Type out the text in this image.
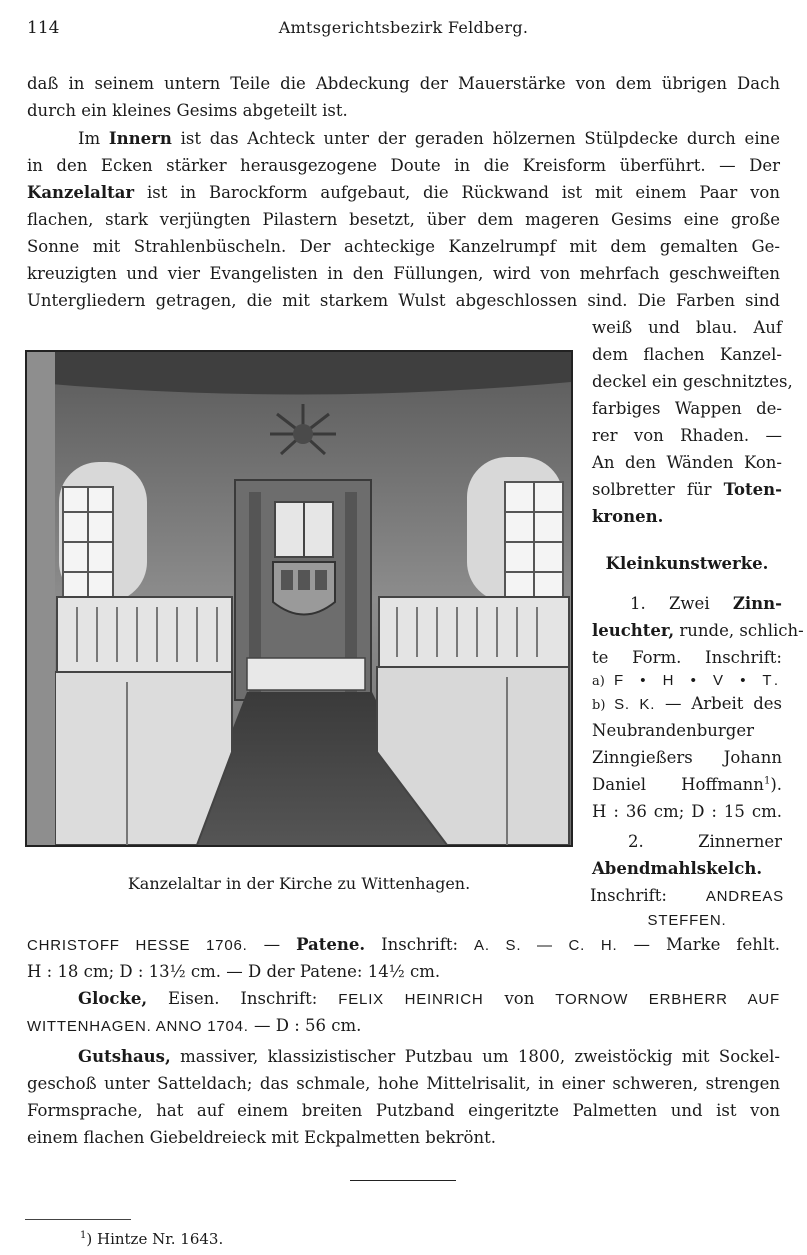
114	Amtsgerichtsbezirk Feldberg.
daß in seinem untern Teile die Abdeckung der Mauerstärke von dem übrigen Dach
durch ein kleines Gesims abgeteilt ist.
Im Innern ist das Achteck unter der geraden hölzernen Stülpdecke durch eine
in den Ecken stärker herausgezogene Doute in die Kreisform überführt. — Der
Kanzelaltar ist in Barockform aufgebaut, die Rückwand ist mit einem Paar von
flachen, stark verjüngten Pilastern besetzt, über dem mageren Gesims eine große
Sonne mit Strahlenbüscheln. Der achteckige Kanzelrumpf mit dem gemalten Ge-
kreuzigten und vier Evangelisten in den Füllungen, wird von mehrfach geschweiften
Untergliedern getragen, die mit starkem Wulst abgeschlossen sind. Die Farben sind
weiß und blau. Auf
dem flachen Kanzel-
deckel ein geschnitztes,
farbiges Wappen de-
rer von Rhaden. —
An den Wänden Kon-
solbretter für Toten-
kronen.
Kleinkunstwerke.
1. Zwei Zinn-
leuchter, runde, schlich-
te Form. Inschrift:
a) F • H • V • T.
b) S. K. — Arbeit des
Neubrandenburger
Zinngießers Johann
Daniel Hoffmann$^1$).
H : 36 cm; D : 15 cm.
2. Zinnerner
Abendmahlskelch.
Inschrift: ANDREAS
STEFFEN.
Kanzelaltar in der Kirche zu Wittenhagen.
CHRISTOFF HESSE 1706. — Patene. Inschrift: A. S. — C. H. — Marke fehlt.
H : 18 cm; D : 13½ cm. — D der Patene: 14½ cm.
Glocke, Eisen. Inschrift: FELIX HEINRICH von TORNOW ERBHERR AUF
WITTENHAGEN. ANNO 1704. — D : 56 cm.
Gutshaus, massiver, klassizistischer Putzbau um 1800, zweistöckig mit Sockel-
geschoß unter Satteldach; das schmale, hohe Mittelrisalit, in einer schweren, strengen
Formsprache, hat auf einem breiten Putzband eingeritzte Palmetten und ist von
einem flachen Giebeldreieck mit Eckpalmetten bekrönt.
$^1$) Hintze Nr. 1643.
